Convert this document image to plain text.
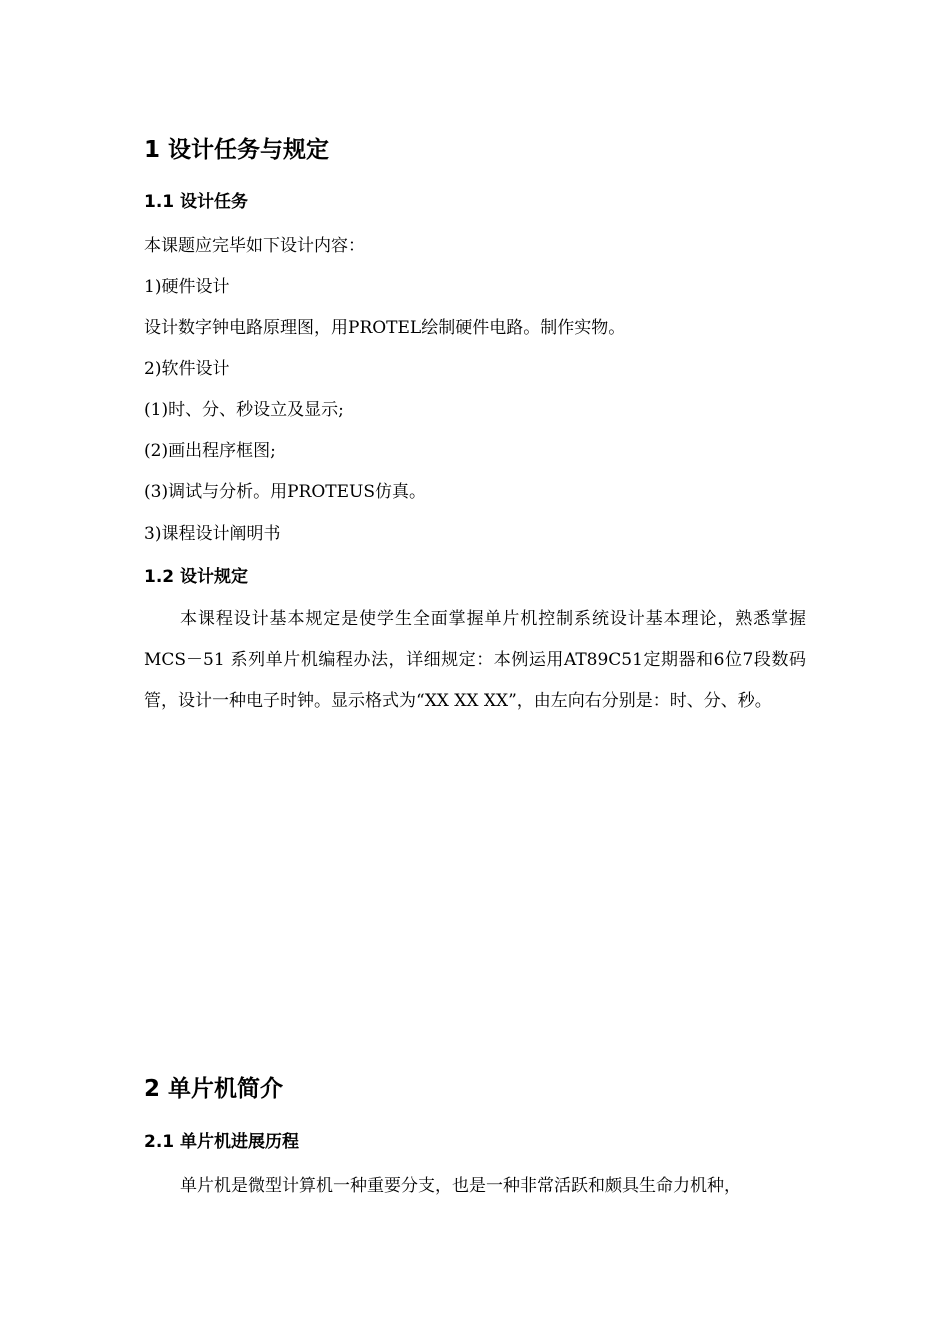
1 设计任务与规定
1.1 设计任务

本课题应完毕如下设计内容：

1)硬件设计

设计数字钟电路原理图，用PROTEL绘制硬件电路。制作实物。

2)软件设计

(1)时、分、秒设立及显示;

(2)画出程序框图;

(3)调试与分析。用PROTEUS仿真。

3)课程设计阐明书

1.2 设计规定

本课程设计基本规定是使学生全面掌握单片机控制系统设计基本理论，熟悉掌握MCS－51 系列单片机编程办法，详细规定：本例运用AT89C51定期器和6位7段数码管，设计一种电子时钟。显示格式为“XX XX XX”，由左向右分别是：时、分、秒。

2 单片机简介
2.1 单片机进展历程

单片机是微型计算机一种重要分支，也是一种非常活跃和颇具生命力机种，
